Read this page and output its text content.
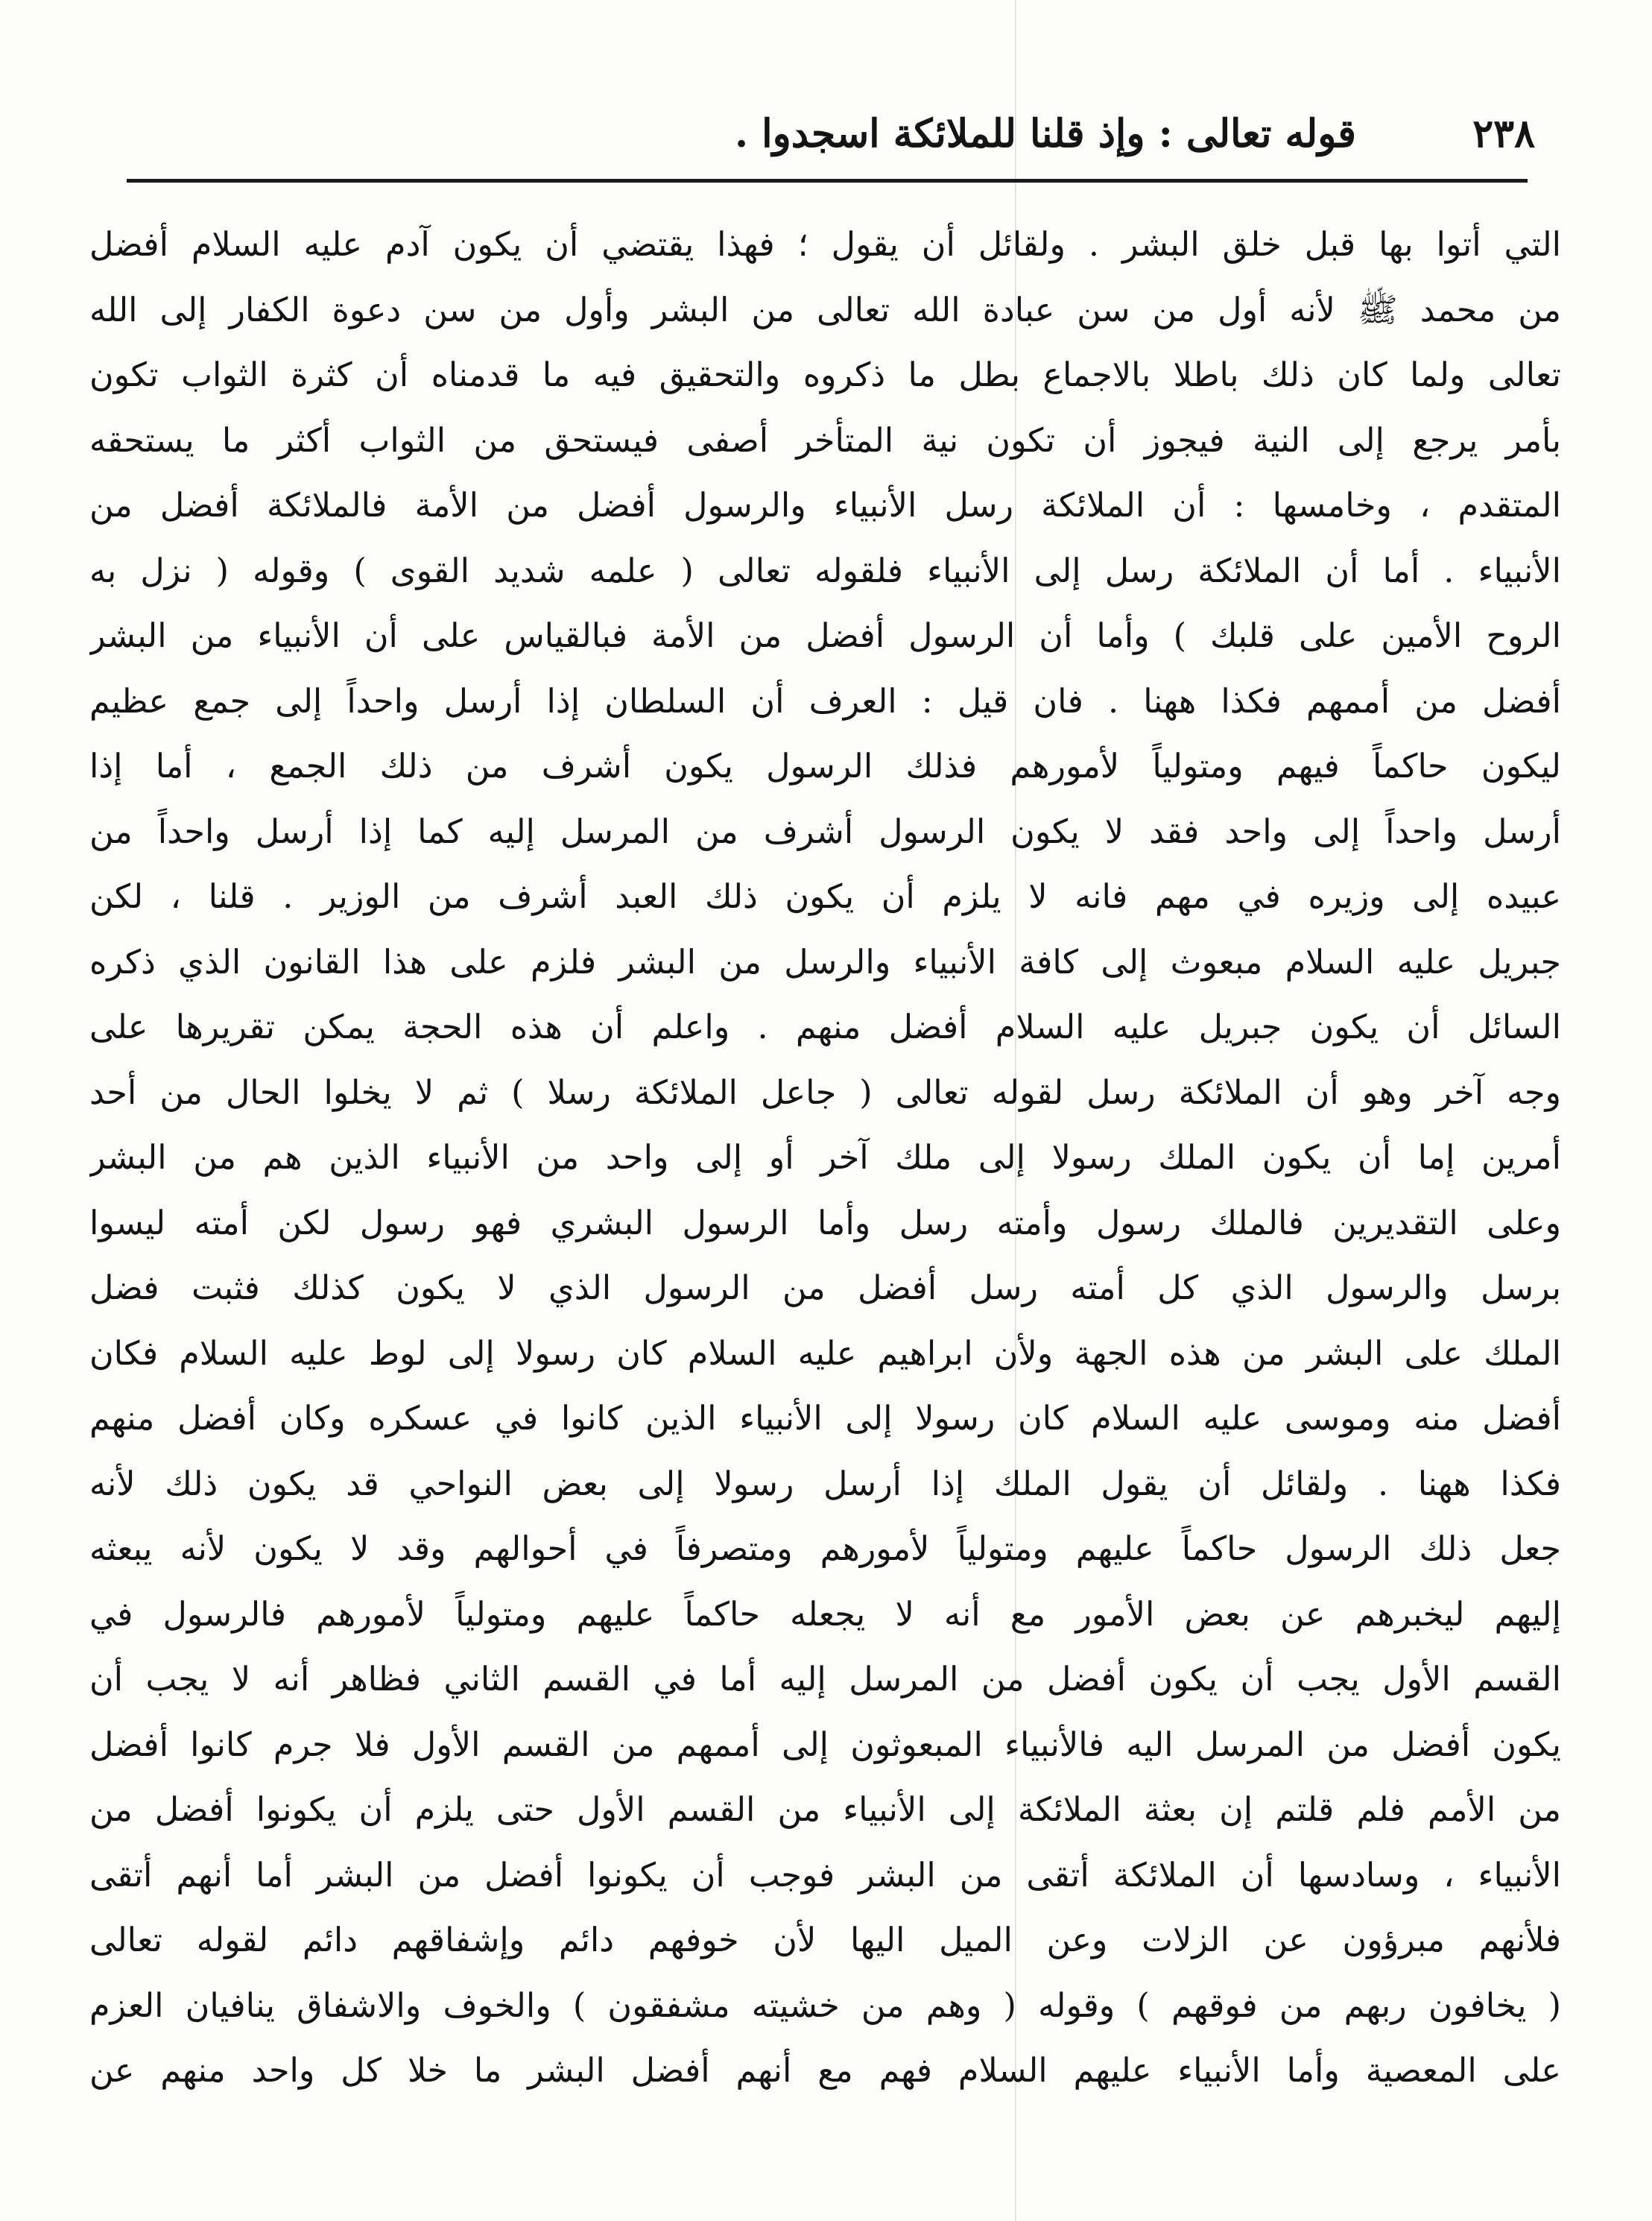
٢٣٨
قوله تعالى : وإذ قلنا للملائكة اسجدوا .
التي أتوا بها قبل خلق البشر . ولقائل أن يقول ؛ فهذا يقتضي أن يكون آدم عليه السلام أفضل
من محمد ﷺ لأنه أول من سن عبادة الله تعالى من البشر وأول من سن دعوة الكفار إلى الله
تعالى ولما كان ذلك باطلا بالاجماع بطل ما ذكروه والتحقيق فيه ما قدمناه أن كثرة الثواب تكون
بأمر يرجع إلى النية فيجوز أن تكون نية المتأخر أصفى فيستحق من الثواب أكثر ما يستحقه
المتقدم ، وخامسها : أن الملائكة رسل الأنبياء والرسول أفضل من الأمة فالملائكة أفضل من
الأنبياء . أما أن الملائكة رسل إلى الأنبياء فلقوله تعالى ( علمه شديد القوى ) وقوله ( نزل به
الروح الأمين على قلبك ) وأما أن الرسول أفضل من الأمة فبالقياس على أن الأنبياء من البشر
أفضل من أممهم فكذا ههنا . فان قيل : العرف أن السلطان إذا أرسل واحداً إلى جمع عظيم
ليكون حاكماً فيهم ومتولياً لأمورهم فذلك الرسول يكون أشرف من ذلك الجمع ، أما إذا
أرسل واحداً إلى واحد فقد لا يكون الرسول أشرف من المرسل إليه كما إذا أرسل واحداً من
عبيده إلى وزيره في مهم فانه لا يلزم أن يكون ذلك العبد أشرف من الوزير . قلنا ، لكن
جبريل عليه السلام مبعوث إلى كافة الأنبياء والرسل من البشر فلزم على هذا القانون الذي ذكره
السائل أن يكون جبريل عليه السلام أفضل منهم . واعلم أن هذه الحجة يمكن تقريرها على
وجه آخر وهو أن الملائكة رسل لقوله تعالى ( جاعل الملائكة رسلا ) ثم لا يخلوا الحال من أحد
أمرين إما أن يكون الملك رسولا إلى ملك آخر أو إلى واحد من الأنبياء الذين هم من البشر
وعلى التقديرين فالملك رسول وأمته رسل وأما الرسول البشري فهو رسول لكن أمته ليسوا
برسل والرسول الذي كل أمته رسل أفضل من الرسول الذي لا يكون كذلك فثبت فضل
الملك على البشر من هذه الجهة ولأن ابراهيم عليه السلام كان رسولا إلى لوط عليه السلام فكان
أفضل منه وموسى عليه السلام كان رسولا إلى الأنبياء الذين كانوا في عسكره وكان أفضل منهم
فكذا ههنا . ولقائل أن يقول الملك إذا أرسل رسولا إلى بعض النواحي قد يكون ذلك لأنه
جعل ذلك الرسول حاكماً عليهم ومتولياً لأمورهم ومتصرفاً في أحوالهم وقد لا يكون لأنه يبعثه
إليهم ليخبرهم عن بعض الأمور مع أنه لا يجعله حاكماً عليهم ومتولياً لأمورهم فالرسول في
القسم الأول يجب أن يكون أفضل من المرسل إليه أما في القسم الثاني فظاهر أنه لا يجب أن
يكون أفضل من المرسل اليه فالأنبياء المبعوثون إلى أممهم من القسم الأول فلا جرم كانوا أفضل
من الأمم فلم قلتم إن بعثة الملائكة إلى الأنبياء من القسم الأول حتى يلزم أن يكونوا أفضل من
الأنبياء ، وسادسها أن الملائكة أتقى من البشر فوجب أن يكونوا أفضل من البشر أما أنهم أتقى
فلأنهم مبرؤون عن الزلات وعن الميل اليها لأن خوفهم دائم وإشفاقهم دائم لقوله تعالى
( يخافون ربهم من فوقهم ) وقوله ( وهم من خشيته مشفقون ) والخوف والاشفاق ينافيان العزم
على المعصية وأما الأنبياء عليهم السلام فهم مع أنهم أفضل البشر ما خلا كل واحد منهم عن
